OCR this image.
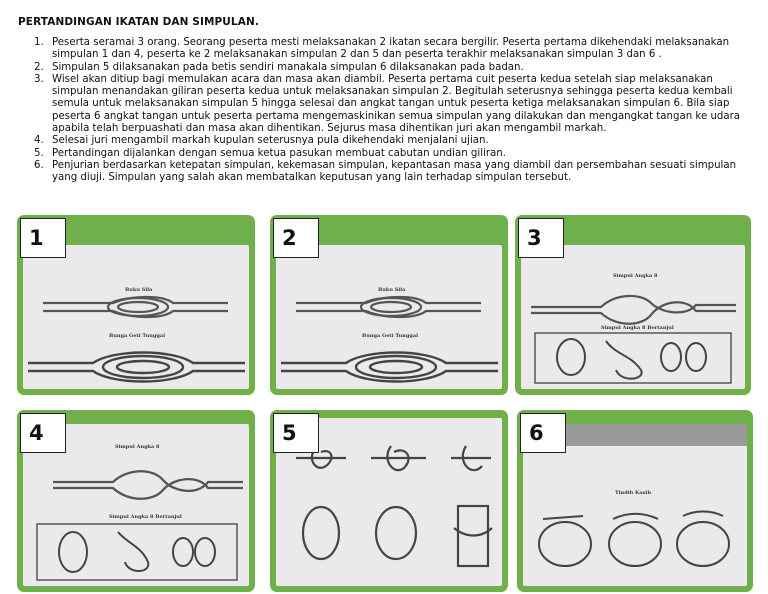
PERTANDINGAN IKATAN DAN SIMPULAN.
1. Peserta seramai 3 orang. Seorang peserta mesti melaksanakan 2 ikatan secara bergilir. Peserta pertama dikehendaki melaksanakan simpulan 1 dan 4, peserta ke 2 melaksanakan simpulan 2 dan 5 dan peserta terakhir melaksanakan simpulan 3 dan 6 .
2. Simpulan 5 dilaksanakan pada betis sendiri manakala simpulan 6 dilaksanakan pada badan.
3. Wisel akan ditiup bagi memulakan acara dan masa akan diambil. Peserta pertama cuit peserta kedua setelah siap melaksanakan simpulan menandakan giliran peserta kedua untuk melaksanakan simpulan 2. Begitulah seterusnya sehingga peserta kedua kembali semula untuk melaksanakan simpulan 5 hingga selesai dan angkat tangan untuk peserta ketiga melaksanakan simpulan 6. Bila siap peserta 6 angkat tangan untuk peserta pertama mengemaskinikan semua simpulan yang dilakukan dan mengangkat tangan ke udara apabila telah berpuashati dan masa akan dihentikan. Sejurus masa dihentikan juri akan mengambil markah.
4. Selesai juri mengambil markah kupulan seterusnya pula dikehendaki menjalani ujian.
5. Pertandingan dijalankan dengan semua ketua pasukan membuat cabutan undian giliran.
6. Penjurian berdasarkan ketepatan simpulan, kekemasan simpulan, kepantasan masa yang diambil dan persembahan sesuati simpulan yang diuji. Simpulan yang salah akan membatalkan keputusan yang lain terhadap simpulan tersebut.
1
Buku Sila
Bunga Geti Tunggal
2
Buku Sila
Bunga Geti Tunggal
3
Simpul Angka 8
Simpul Angka 8 Bertanjul
4
Simpul Angka 8
Simpul Angka 8 Bertanjul
5	6
Tindih Kasih
